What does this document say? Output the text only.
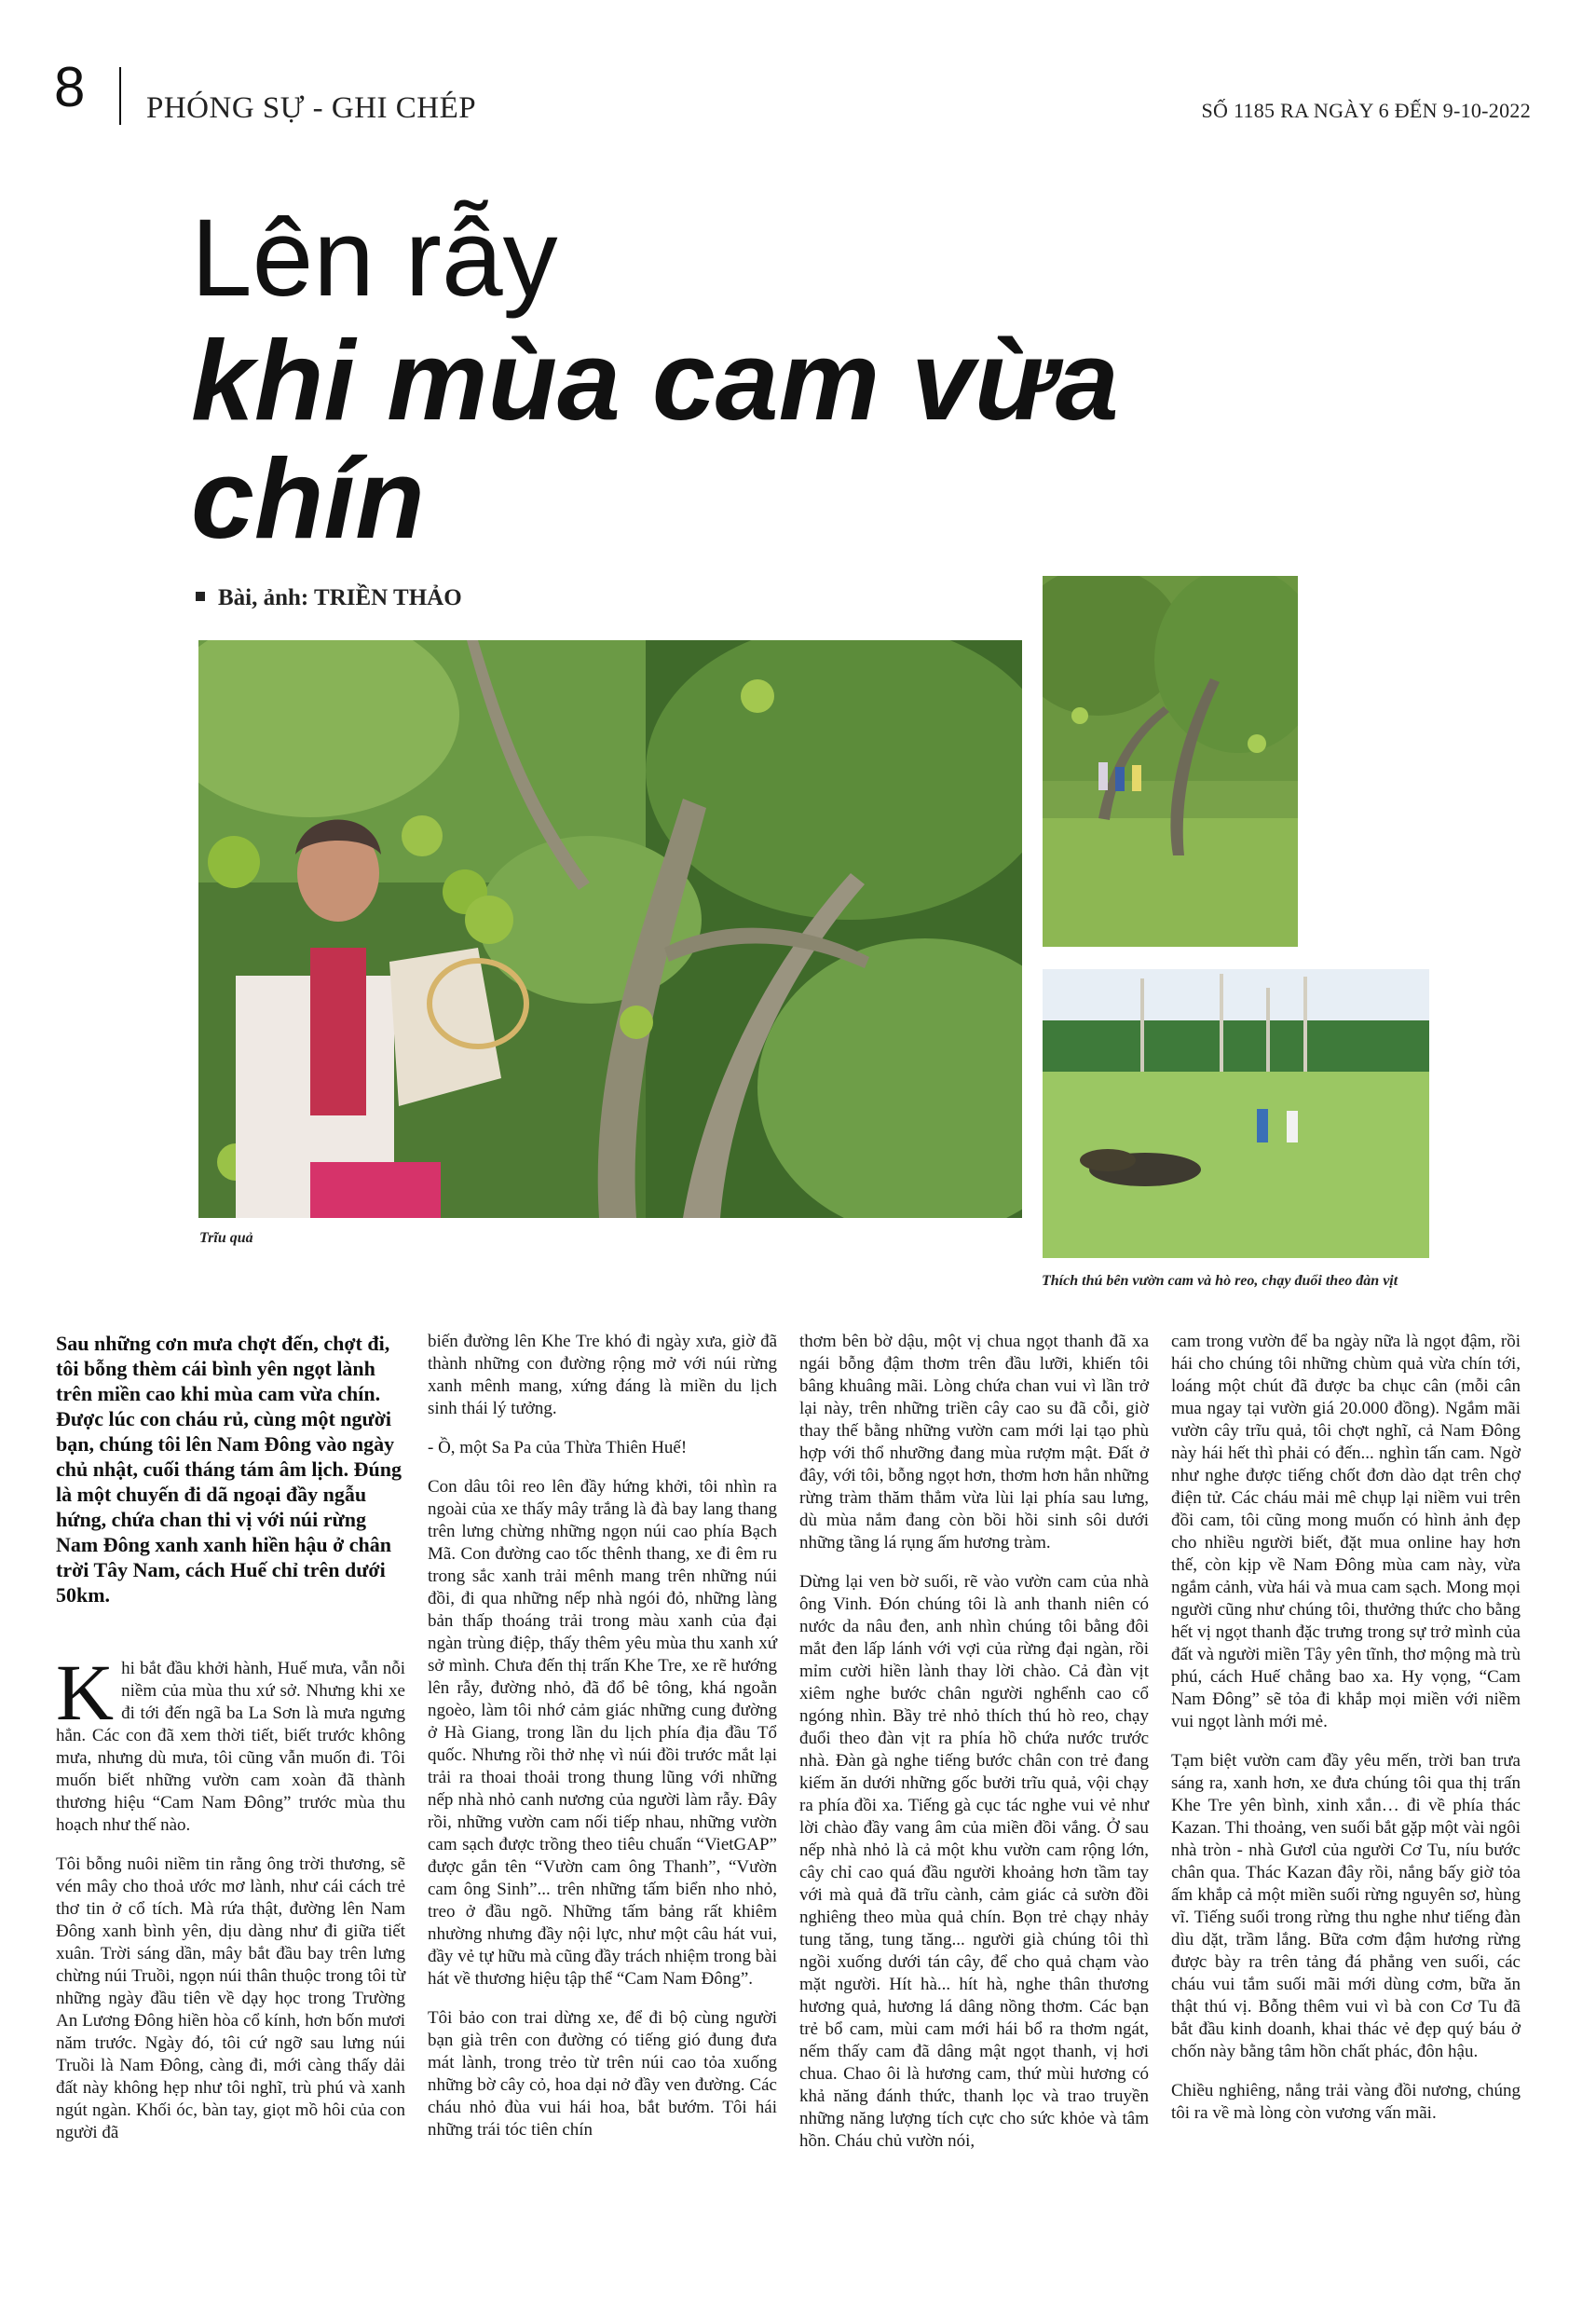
8 PHÓNG SỰ - GHI CHÉP	SỐ 1185 RA NGÀY 6 ĐẾN 9-10-2022
Lên rẫy
khi mùa cam vừa chín
Bài, ảnh: TRIỀN THẢO
Trĩu quả
Thích thú bên vườn cam và hò reo, chạy đuổi theo đàn vịt

Sau những cơn mưa chợt đến, chợt đi, tôi bỗng thèm cái bình yên ngọt lành trên miền cao khi mùa cam vừa chín. Được lúc con cháu rủ, cùng một người bạn, chúng tôi lên Nam Đông vào ngày chủ nhật, cuối tháng tám âm lịch. Đúng là một chuyến đi dã ngoại đầy ngẫu hứng, chứa chan thi vị với núi rừng Nam Đông xanh xanh hiền hậu ở chân trời Tây Nam, cách Huế chỉ trên dưới 50km.

Khi bắt đầu khởi hành, Huế mưa, vẫn nỗi niềm của mùa thu xứ sở. Nhưng khi xe đi tới đến ngã ba La Sơn là mưa ngưng hẳn. Các con đã xem thời tiết, biết trước không mưa, nhưng dù mưa, tôi cũng vẫn muốn đi. Tôi muốn biết những vườn cam xoàn đã thành thương hiệu “Cam Nam Đông” trước mùa thu hoạch như thế nào.

Tôi bỗng nuôi niềm tin rằng ông trời thương, sẽ vén mây cho thoả ước mơ lành, như cái cách trẻ thơ tin ở cổ tích. Mà rứa thật, đường lên Nam Đông xanh bình yên, dịu dàng như đi giữa tiết xuân. Trời sáng dần, mây bắt đầu bay trên lưng chừng núi Truồi, ngọn núi thân thuộc trong tôi từ những ngày đầu tiên về dạy học trong Trường An Lương Đông hiền hòa cổ kính, hơn bốn mươi năm trước. Ngày đó, tôi cứ ngỡ sau lưng núi Truồi là Nam Đông, càng đi, mới càng thấy dải đất này không hẹp như tôi nghĩ, trù phú và xanh ngút ngàn. Khối óc, bàn tay, giọt mồ hôi của con người đã

biến đường lên Khe Tre khó đi ngày xưa, giờ đã thành những con đường rộng mở với núi rừng xanh mênh mang, xứng đáng là miền du lịch sinh thái lý tưởng.

- Ồ, một Sa Pa của Thừa Thiên Huế!

Con dâu tôi reo lên đầy hứng khởi, tôi nhìn ra ngoài của xe thấy mây trắng là đà bay lang thang trên lưng chừng những ngọn núi cao phía Bạch Mã. Con đường cao tốc thênh thang, xe đi êm ru trong sắc xanh trải mênh mang trên những núi đồi, đi qua những nếp nhà ngói đỏ, những làng bản thấp thoáng trải trong màu xanh của đại ngàn trùng điệp, thấy thêm yêu mùa thu xanh xứ sở mình. Chưa đến thị trấn Khe Tre, xe rẽ hướng lên rẫy, đường nhỏ, đã đổ bê tông, khá ngoằn ngoèo, làm tôi nhớ cảm giác những cung đường ở Hà Giang, trong lần du lịch phía địa đầu Tổ quốc. Nhưng rồi thở nhẹ vì núi đồi trước mắt lại trải ra thoai thoải trong thung lũng với những nếp nhà nhỏ canh nương của người làm rẫy. Đây rồi, những vườn cam nối tiếp nhau, những vườn cam sạch được trồng theo tiêu chuẩn “VietGAP” được gắn tên “Vườn cam ông Thanh”, “Vườn cam ông Sinh”... trên những tấm biển nho nhỏ, treo ở đầu ngõ. Những tấm bảng rất khiêm nhường nhưng đầy nội lực, như một câu hát vui, đầy vẻ tự hữu mà cũng đầy trách nhiệm trong bài hát về thương hiệu tập thể “Cam Nam Đông”.

Tôi bảo con trai dừng xe, để đi bộ cùng người bạn già trên con đường có tiếng gió đung đưa mát lành, trong trẻo từ trên núi cao tỏa xuống những bờ cây cỏ, hoa dại nở đầy ven đường. Các cháu nhỏ đùa vui hái hoa, bắt bướm. Tôi hái những trái tóc tiên chín

thơm bên bờ dậu, một vị chua ngọt thanh đã xa ngái bỗng đậm thơm trên đầu lưỡi, khiến tôi bâng khuâng mãi. Lòng chứa chan vui vì lần trở lại này, trên những triền cây cao su đã cỗi, giờ thay thế bằng những vườn cam mới lại tạo phù hợp với thổ nhưỡng đang mùa rượm mật. Đất ở đây, với tôi, bỗng ngọt hơn, thơm hơn hẳn những rừng tràm thăm thẳm vừa lùi lại phía sau lưng, dù mùa nắm đang còn bồi hồi sinh sôi dưới những tầng lá rụng ấm hương tràm.

Dừng lại ven bờ suối, rẽ vào vườn cam của nhà ông Vinh. Đón chúng tôi là anh thanh niên có nước da nâu đen, anh nhìn chúng tôi bằng đôi mắt đen lấp lánh với vợi của rừng đại ngàn, rồi mỉm cười hiền lành thay lời chào. Cả đàn vịt xiêm nghe bước chân người nghểnh cao cổ ngóng nhìn. Bầy trẻ nhỏ thích thú hò reo, chạy đuổi theo đàn vịt ra phía hồ chứa nước trước nhà. Đàn gà nghe tiếng bước chân con trẻ đang kiếm ăn dưới những gốc bưởi trĩu quả, vội chạy ra phía đồi xa. Tiếng gà cục tác nghe vui vẻ như lời chào đầy vang âm của miền đồi vắng. Ở sau nếp nhà nhỏ là cả một khu vườn cam rộng lớn, cây chỉ cao quá đầu người khoảng hơn tầm tay với mà quả đã trĩu cành, cảm giác cả sườn đồi nghiêng theo mùa quả chín. Bọn trẻ chạy nhảy tung tăng, tung tăng... người già chúng tôi thì ngồi xuống dưới tán cây, để cho quả chạm vào mặt người. Hít hà... hít hà, nghe thân thương hương quả, hương lá dâng nồng thơm. Các bạn trẻ bổ cam, mùi cam mới hái bổ ra thơm ngát, nếm thấy cam đã dâng mật ngọt thanh, vị hơi chua. Chao ôi là hương cam, thứ mùi hương có khả năng đánh thức, thanh lọc và trao truyền những năng lượng tích cực cho sức khỏe và tâm hồn. Cháu chủ vườn nói,

cam trong vườn để ba ngày nữa là ngọt đậm, rồi hái cho chúng tôi những chùm quả vừa chín tới, loáng một chút đã được ba chục cân (mỗi cân mua ngay tại vườn giá 20.000 đồng). Ngắm mãi vườn cây trĩu quả, tôi chợt nghĩ, cả Nam Đông này hái hết thì phải có đến... nghìn tấn cam. Ngờ như nghe được tiếng chốt đơn dào dạt trên chợ điện tử. Các cháu mải mê chụp lại niềm vui trên đồi cam, tôi cũng mong muốn có hình ảnh đẹp cho nhiều người biết, đặt mua online hay hơn thế, còn kịp về Nam Đông mùa cam này, vừa ngắm cảnh, vừa hái và mua cam sạch. Mong mọi người cũng như chúng tôi, thưởng thức cho bằng hết vị ngọt thanh đặc trưng trong sự trở mình của đất và người miền Tây yên tĩnh, thơ mộng mà trù phú, cách Huế chẳng bao xa. Hy vọng, “Cam Nam Đông” sẽ tỏa đi khắp mọi miền với niềm vui ngọt lành mới mẻ.

Tạm biệt vườn cam đầy yêu mến, trời ban trưa sáng ra, xanh hơn, xe đưa chúng tôi qua thị trấn Khe Tre yên bình, xinh xắn… đi về phía thác Kazan. Thi thoảng, ven suối bắt gặp một vài ngôi nhà tròn - nhà Gươl của người Cơ Tu, níu bước chân qua. Thác Kazan đây rồi, nắng bấy giờ tỏa ấm khắp cả một miền suối rừng nguyên sơ, hùng vĩ. Tiếng suối trong rừng thu nghe như tiếng đàn dìu dặt, trầm lắng. Bữa cơm đậm hương rừng được bày ra trên tảng đá phẳng ven suối, các cháu vui tắm suối mãi mới dùng cơm, bữa ăn thật thú vị. Bỗng thêm vui vì bà con Cơ Tu đã bắt đầu kinh doanh, khai thác vẻ đẹp quý báu ở chốn này bằng tâm hồn chất phác, đôn hậu.

Chiều nghiêng, nắng trải vàng đồi nương, chúng tôi ra về mà lòng còn vương vấn mãi.
